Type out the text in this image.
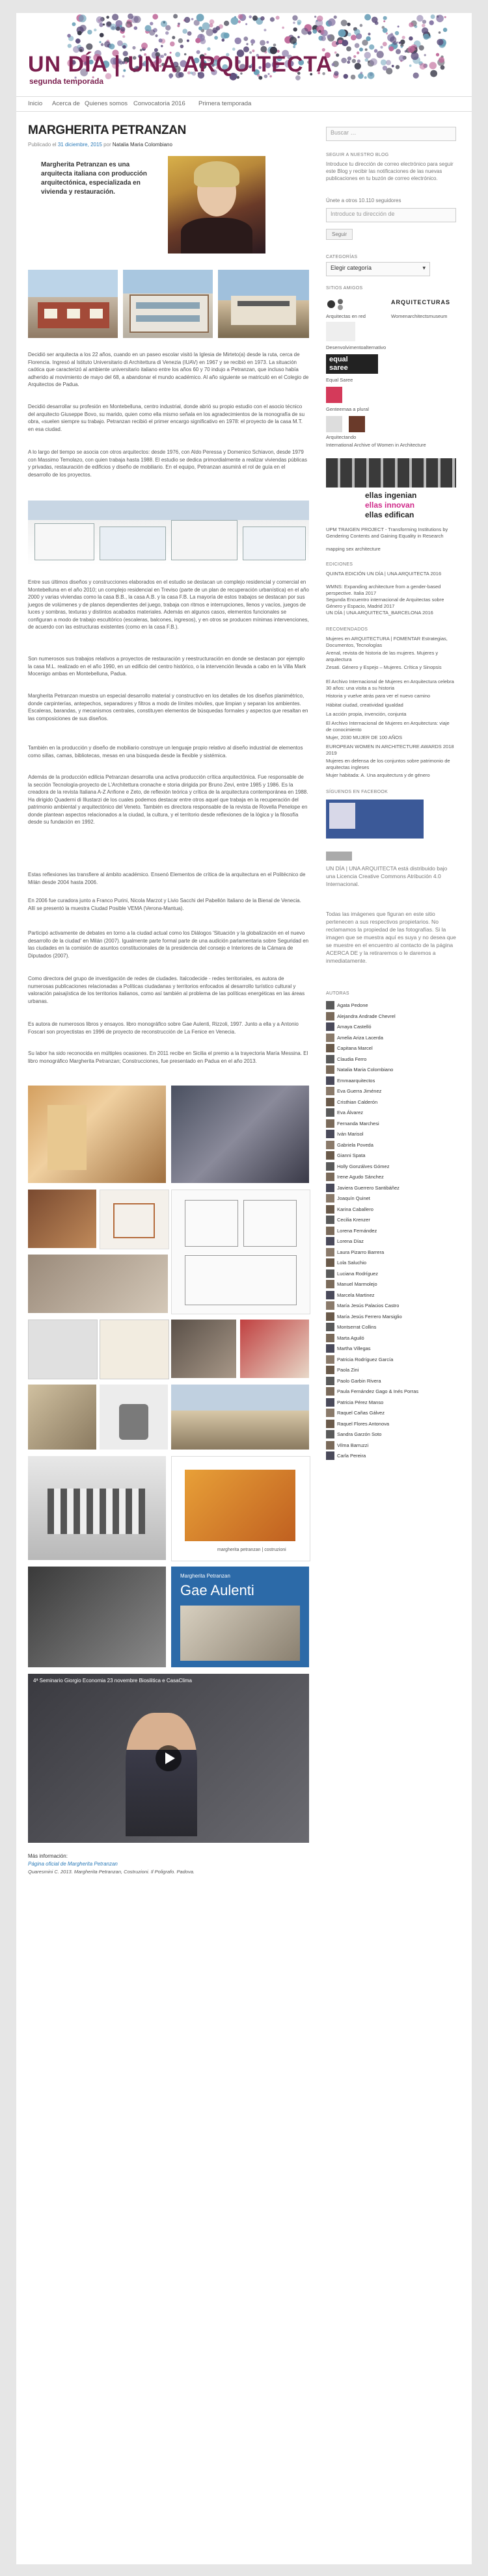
UN DÍA | UNA ARQUITECTA
segunda temporada
Inicio Acerca de Quienes somos Convocatoria 2016 Primera temporada
MARGHERITA PETRANZAN
Publicado el 31 diciembre, 2015 por Natalia Maria Colombiano
Margherita Petranzan es una arquitecta italiana con producción arquitectónica, especializada en vivienda y restauración.
Decidió ser arquitecta a los 22 años, cuando en un paseo escolar visitó la Iglesia de Mirteto(a) desde la ruta, cerca de Florencia. Ingresó al Istituto Universitario di Architettura di Venezia (IUAV) en 1967 y se recibió en 1973. La situación caótica que caracterizó al ambiente universitario italiano entre los años 60 y 70 indujo a Petranzan, que incluso había adherido al movimiento de mayo del 68, a abandonar el mundo académico. Al año siguiente se matriculó en el Colegio de Arquitectos de Padua.
Decidió desarrollar su profesión en Montebelluna, centro industrial, donde abrió su propio estudio con el asocio técnico del arquitecto Giuseppe Bovo, su marido, quien como ella mismo señala en los agradecimientos de la monografía de su obra, «suelen siempre su trabajo. Petranzan recibió el primer encargo significativo en 1978: el proyecto de la casa M.T. en esa ciudad.
A lo largo del tiempo se asocia con otros arquitectos: desde 1976, con Aldo Peressa y Domenico Schiavon, desde 1979 con Massimo Temolazo, con quien trabaja hasta 1988. El estudio se dedica primordialmente a realizar viviendas públicas y privadas, restauración de edificios y diseño de mobiliario. En el equipo, Petranzan asumirá el rol de guía en el desarrollo de los proyectos.
Entre sus últimos diseños y construcciones elaborados en el estudio se destacan un complejo residencial y comercial en Montebelluna en el año 2010; un complejo residencial en Treviso (parte de un plan de recuperación urbanística) en el año 2000 y varias viviendas como la casa B.B., la casa A.B. y la casa F.B. La mayoría de estos trabajos se destacan por sus juegos de volúmenes y de planos dependientes del juego, trabaja con ritmos e interrupciones, llenos y vacíos, juegos de luces y sombras, texturas y distintos acabados materiales. Además en algunos casos, elementos funcionales se configuran a modo de trabajo escultórico (escaleras, balcones, ingresos), y en otros se producen mínimas intervenciones, de acuerdo con las estructuras existentes (como en la casa F.B.).
Son numerosos sus trabajos relativos a proyectos de restauración y reestructuración en donde se destacan por ejemplo la casa M.L. realizado en el año 1990, en un edificio del centro histórico, o la intervención llevada a cabo en la Villa Mark Mocenigo ambas en Montebelluna, Padua.
Margherita Petranzan muestra un especial desarrollo material y constructivo en los detalles de los diseños planimétrico, donde carpinterías, antepechos, separadores y filtros a modo de límites móviles, que limpian y separan los ambientes. Escaleras, barandas, y mecanismos centrales, constituyen elementos de búsquedas formales y aspectos que resaltan en las composiciones de sus diseños.
También en la producción y diseño de mobiliario construye un lenguaje propio relativo al diseño industrial de elementos como sillas, camas, bibliotecas, mesas en una búsqueda desde la flexible y sistémica.
Además de la producción edilicia Petranzan desarrolla una activa producción crítica arquitectónica. Fue responsable de la sección Tecnología-proyecto de L'Architettura cronache e storia dirigida por Bruno Zevi, entre 1985 y 1986. Es la creadora de la revista Italiana A-Z Anfione e Zeto, de reflexión teórica y crítica de la arquitectura contemporánea en 1988. Ha dirigido Quaderni di Illustarzi de los cuales podemos destacar entre otros aquel que trabaja en la recuperación del patrimonio ambiental y arquitectónico del Veneto. También es directora responsable de la revista de Rovella Penelope en donde plantean aspectos relacionados a la ciudad, la cultura, y el territorio desde reflexiones de la lógica y la filosofía desde su fundación en 1992.
Estas reflexiones las transfiere al ámbito académico. Ensenó Elementos de crítica de la arquitectura en el Politécnico de Milán desde 2004 hasta 2006.
En 2006 fue curadora junto a Franco Purini, Nicola Marzot y Livio Sacchi del Pabellón Italiano de la Bienal de Venecia. Allí se presentó la muestra Ciudad Posible VEMA (Verona-Mantua).
Participó activamente de debates en torno a la ciudad actual como los Diálogos 'Situación y la globalización en el nuevo desarrollo de la ciudad' en Milán (2007). Igualmente parte formal parte de una audición parlamentaria sobre Seguridad en las ciudades en la comisión de asuntos constitucionales de la presidencia del consejo e Interiores de la Cámara de Diputados (2007).
Como directora del grupo de investigación de redes de ciudades. Italcodecide - redes territoriales, es autora de numerosas publicaciones relacionadas a Políticas ciudadanas y territorios enfocados al desarrollo turístico cultural y valoración paisajística de los territorios italianos, como así también al problema de las políticas energéticas en las áreas urbanas.
Es autora de numerosos libros y ensayos. libro monográfico sobre Gae Aulenti, Rizzoli, 1997. Junto a ella y a Antonio Foscari son proyectistas en 1996 de proyecto de reconstrucción de La Fenice en Venecia.
Su labor ha sido reconocida en múltiples ocasiones. En 2011 recibe en Sicilia el premio a la trayectoria María Messina. El libro monográfico Margherita Petranzan; Construcciones, fue presentado en Padua en el año 2013.
margherita petranzan | costruzioni
Margherita Petranzan
Gae Aulenti
4ª Seminario Giorgio Economia 23 novembre Biosilitica e CasaClima
Más información:
Página oficial de Margherita Petranzan
Quaresmini C. 2013. Margherita Petranzan, Costruzioni. Il Poligrafo. Padova.
Buscar …
SEGUIR A NUESTRO BLOG
Introduce tu dirección de correo electrónico para seguir este Blog y recibir las notificaciones de las nuevas publicaciones en tu buzón de correo electrónico.
Únete a otros 10.110 seguidores
Introduce tu dirección de
Seguir
CATEGORÍAS
Elegir categoría	▾
SITIOS AMIGOS
ARQUITECTURAS
Arquitectas en red	Womenarchitectsmuseum
Desenvolvimentoalternativo
equal
saree
Equal Saree
Genteemaa a plural
Arquitectando
International Archive of Women in Architecture
ellas ingenian
ellas innovan
ellas edifican
UPM TRAIGEN PROJECT - Transforming Institutions by Gendering Contents and Gaining Equality in Research
mapping sex architecture
EDICIONES
QUINTA EDICIÓN UN DÍA | UNA ARQUITECTA 2016
WMNS: Expanding architecture from a gender-based perspective. Italia 2017
Segunda Encuentro internacional de Arquitectas sobre Género y Espacio, Madrid 2017
UN DÍA | UNA ARQUITECTA_BARCELONA 2016
RECOMENDADOS
Mujeres en ARQUITECTURA | FOMENTAR Estrategias, Documentos, Tecnologías
Arenal, revista de historia de las mujeres. Mujeres y arquitectura
Zesati. Género y Espejo – Mujeres. Crítica y Sinopsis
El Archivo Internacional de Mujeres en Arquitectura celebra 30 años: una visita a su historia
Historia y vuelve atrás para ver el nuevo camino
Hábitat ciudad, creatividad igualdad
La acción propia, invención, conjunta
El Archivo Internacional de Mujeres en Arquitectura: viaje de conocimiento
Mujer, 2030 MUJER DE 100 AÑOS
EUROPEAN WOMEN IN ARCHITECTURE AWARDS 2018 2019
Mujeres en defensa de los conjuntos sobre patrimonio de arquitectas ingleses
Mujer habitada: A. Una arquitectura y de género
SÍGUENOS EN FACEBOOK
UN DÍA | UNA ARQUITECTA está distribuido bajo una Licencia Creative Commons Atribución 4.0 Internacional.
Todas las imágenes que figuran en este sitio pertenecen a sus respectivos propietarios. No reclamamos la propiedad de las fotografías. Si la imagen que se muestra aquí es suya y no desea que se muestre en el encuentro al contacto de la página ACERCA DE y la retiraremos o le daremos a inmediatamente.
AUTORAS
Agata Pedone
Alejandra Andrade Chevrel
Amaya Castelló
Amelia Ariza Lacerda
Capitana Marcel
Claudia Ferro
Natalia Maria Colombiano
Emmaarquitectos
Eva Guerra Jiménez
Cristhian Calderón
Eva Álvarez
Fernanda Marchesi
Iván Marisol
Gabriela Poveda
Gianni Spata
Holly Gonzálves Gómez
Irene Agudo Sánchez
Javiera Guerrero Santibáñez
Joaquín Quinet
Karina Caballero
Cecilia Krenzer
Lorena Fernández
Lorena Díaz
Laura Pizarro Barrera
Lola Saluchio
Luciana Rodríguez
Manuel Marmolejo
Marcela Martinez
María Jesús Palacios Castro
María Jesús Ferrero Marsiglio
Montserrat Collins
Marta Aguiló
Martha Villegas
Patricia Rodríguez García
Paola Zini
Paolo Garbin Rivera
Paula Fernández Gago & Inés Porras
Patricia Pérez Manso
Raquel Cañas Gálvez
Raquel Flores Antonova
Sandra Garzón Soto
Vilma Barruzzi
Carla Pereira
